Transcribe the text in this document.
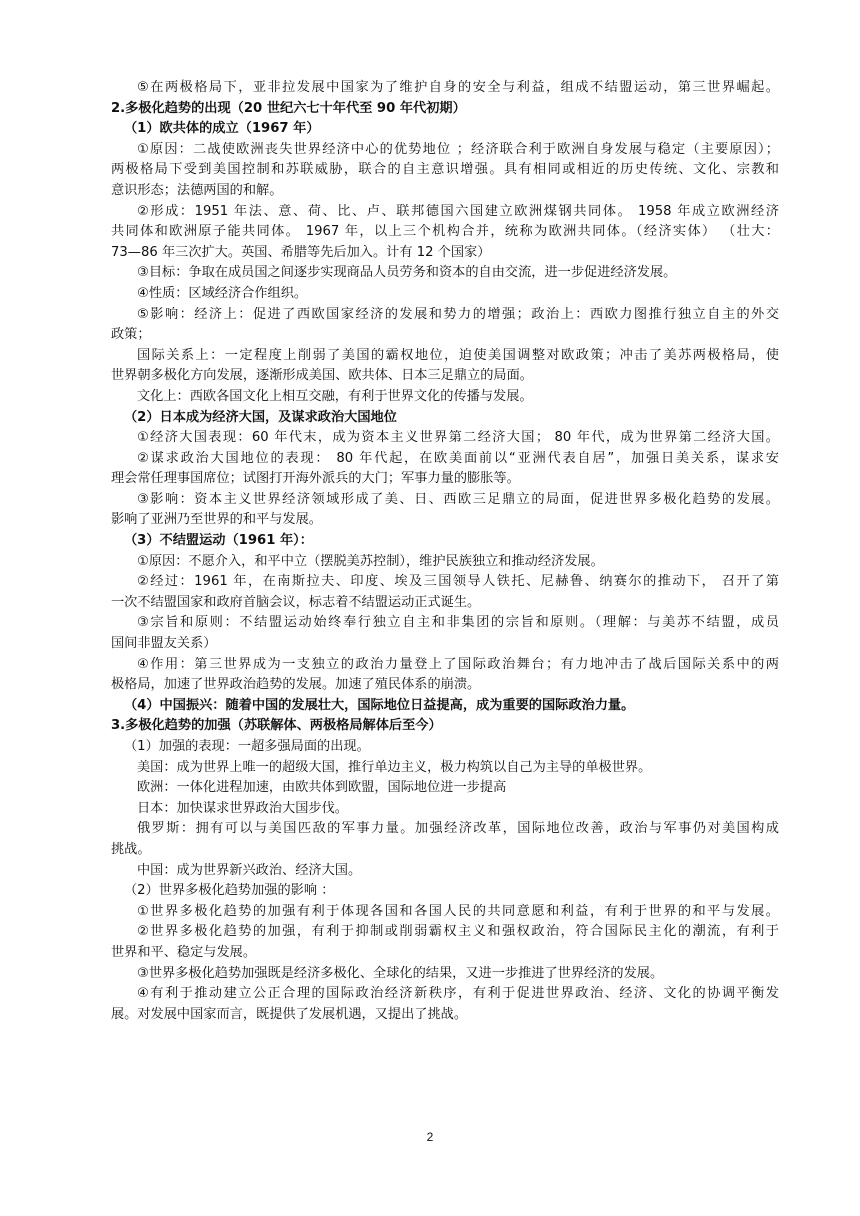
⑤在两极格局下，亚非拉发展中国家为了维护自身的安全与利益，组成不结盟运动，第三世界崛起。
2.多极化趋势的出现（20 世纪六七十年代至 90 年代初期）
（1）欧共体的成立（1967 年）
①原因：二战使欧洲丧失世界经济中心的优势地位 ；经济联合利于欧洲自身发展与稳定（主要原因）；
两极格局下受到美国控制和苏联威胁，联合的自主意识增强。具有相同或相近的历史传统、文化、宗教和
意识形态；法德两国的和解。
②形成：1951 年法、意、荷、比、卢、联邦德国六国建立欧洲煤钢共同体。 1958 年成立欧洲经济
共同体和欧洲原子能共同体。 1967 年，以上三个机构合并，统称为欧洲共同体。（经济实体） （壮大：
73—86 年三次扩大。英国、希腊等先后加入。计有 12 个国家）
③目标：争取在成员国之间逐步实现商品人员劳务和资本的自由交流，进一步促进经济发展。
④性质：区域经济合作组织。
⑤影响：经济上：促进了西欧国家经济的发展和势力的增强；政治上：西欧力图推行独立自主的外交
政策；
国际关系上：一定程度上削弱了美国的霸权地位，迫使美国调整对欧政策；冲击了美苏两极格局，使
世界朝多极化方向发展，逐渐形成美国、欧共体、日本三足鼎立的局面。
文化上：西欧各国文化上相互交融，有利于世界文化的传播与发展。
（2）日本成为经济大国，及谋求政治大国地位
①经济大国表现：60 年代末，成为资本主义世界第二经济大国； 80 年代，成为世界第二经济大国。
②谋求政治大国地位的表现： 80 年代起，在欧美面前以“亚洲代表自居”，加强日美关系，谋求安
理会常任理事国席位；试图打开海外派兵的大门；军事力量的膨胀等。
③影响：资本主义世界经济领域形成了美、日、西欧三足鼎立的局面，促进世界多极化趋势的发展。
影响了亚洲乃至世界的和平与发展。
（3）不结盟运动（1961 年）：
①原因：不愿介入，和平中立（摆脱美苏控制），维护民族独立和推动经济发展。
②经过：1961 年，在南斯拉夫、印度、埃及三国领导人铁托、尼赫鲁、纳赛尔的推动下， 召开了第
一次不结盟国家和政府首脑会议，标志着不结盟运动正式诞生。
③宗旨和原则：不结盟运动始终奉行独立自主和非集团的宗旨和原则。（理解：与美苏不结盟，成员
国间非盟友关系）
④作用：第三世界成为一支独立的政治力量登上了国际政治舞台；有力地冲击了战后国际关系中的两
极格局，加速了世界政治趋势的发展。加速了殖民体系的崩溃。
（4）中国振兴：随着中国的发展壮大，国际地位日益提高，成为重要的国际政治力量。
3.多极化趋势的加强（苏联解体、两极格局解体后至今）
（1）加强的表现：一超多强局面的出现。
美国：成为世界上唯一的超级大国，推行单边主义，极力构筑以自己为主导的单极世界。
欧洲：一体化进程加速，由欧共体到欧盟，国际地位进一步提高
日本：加快谋求世界政治大国步伐。
俄罗斯：拥有可以与美国匹敌的军事力量。加强经济改革，国际地位改善，政治与军事仍对美国构成
挑战。
中国：成为世界新兴政治、经济大国。
（2）世界多极化趋势加强的影响 ：
①世界多极化趋势的加强有利于体现各国和各国人民的共同意愿和利益，有利于世界的和平与发展。
②世界多极化趋势的加强，有利于抑制或削弱霸权主义和强权政治，符合国际民主化的潮流，有利于
世界和平、稳定与发展。
③世界多极化趋势加强既是经济多极化、全球化的结果，又进一步推进了世界经济的发展。
④有利于推动建立公正合理的国际政治经济新秩序，有利于促进世界政治、经济、文化的协调平衡发
展。对发展中国家而言，既提供了发展机遇，又提出了挑战。
2
